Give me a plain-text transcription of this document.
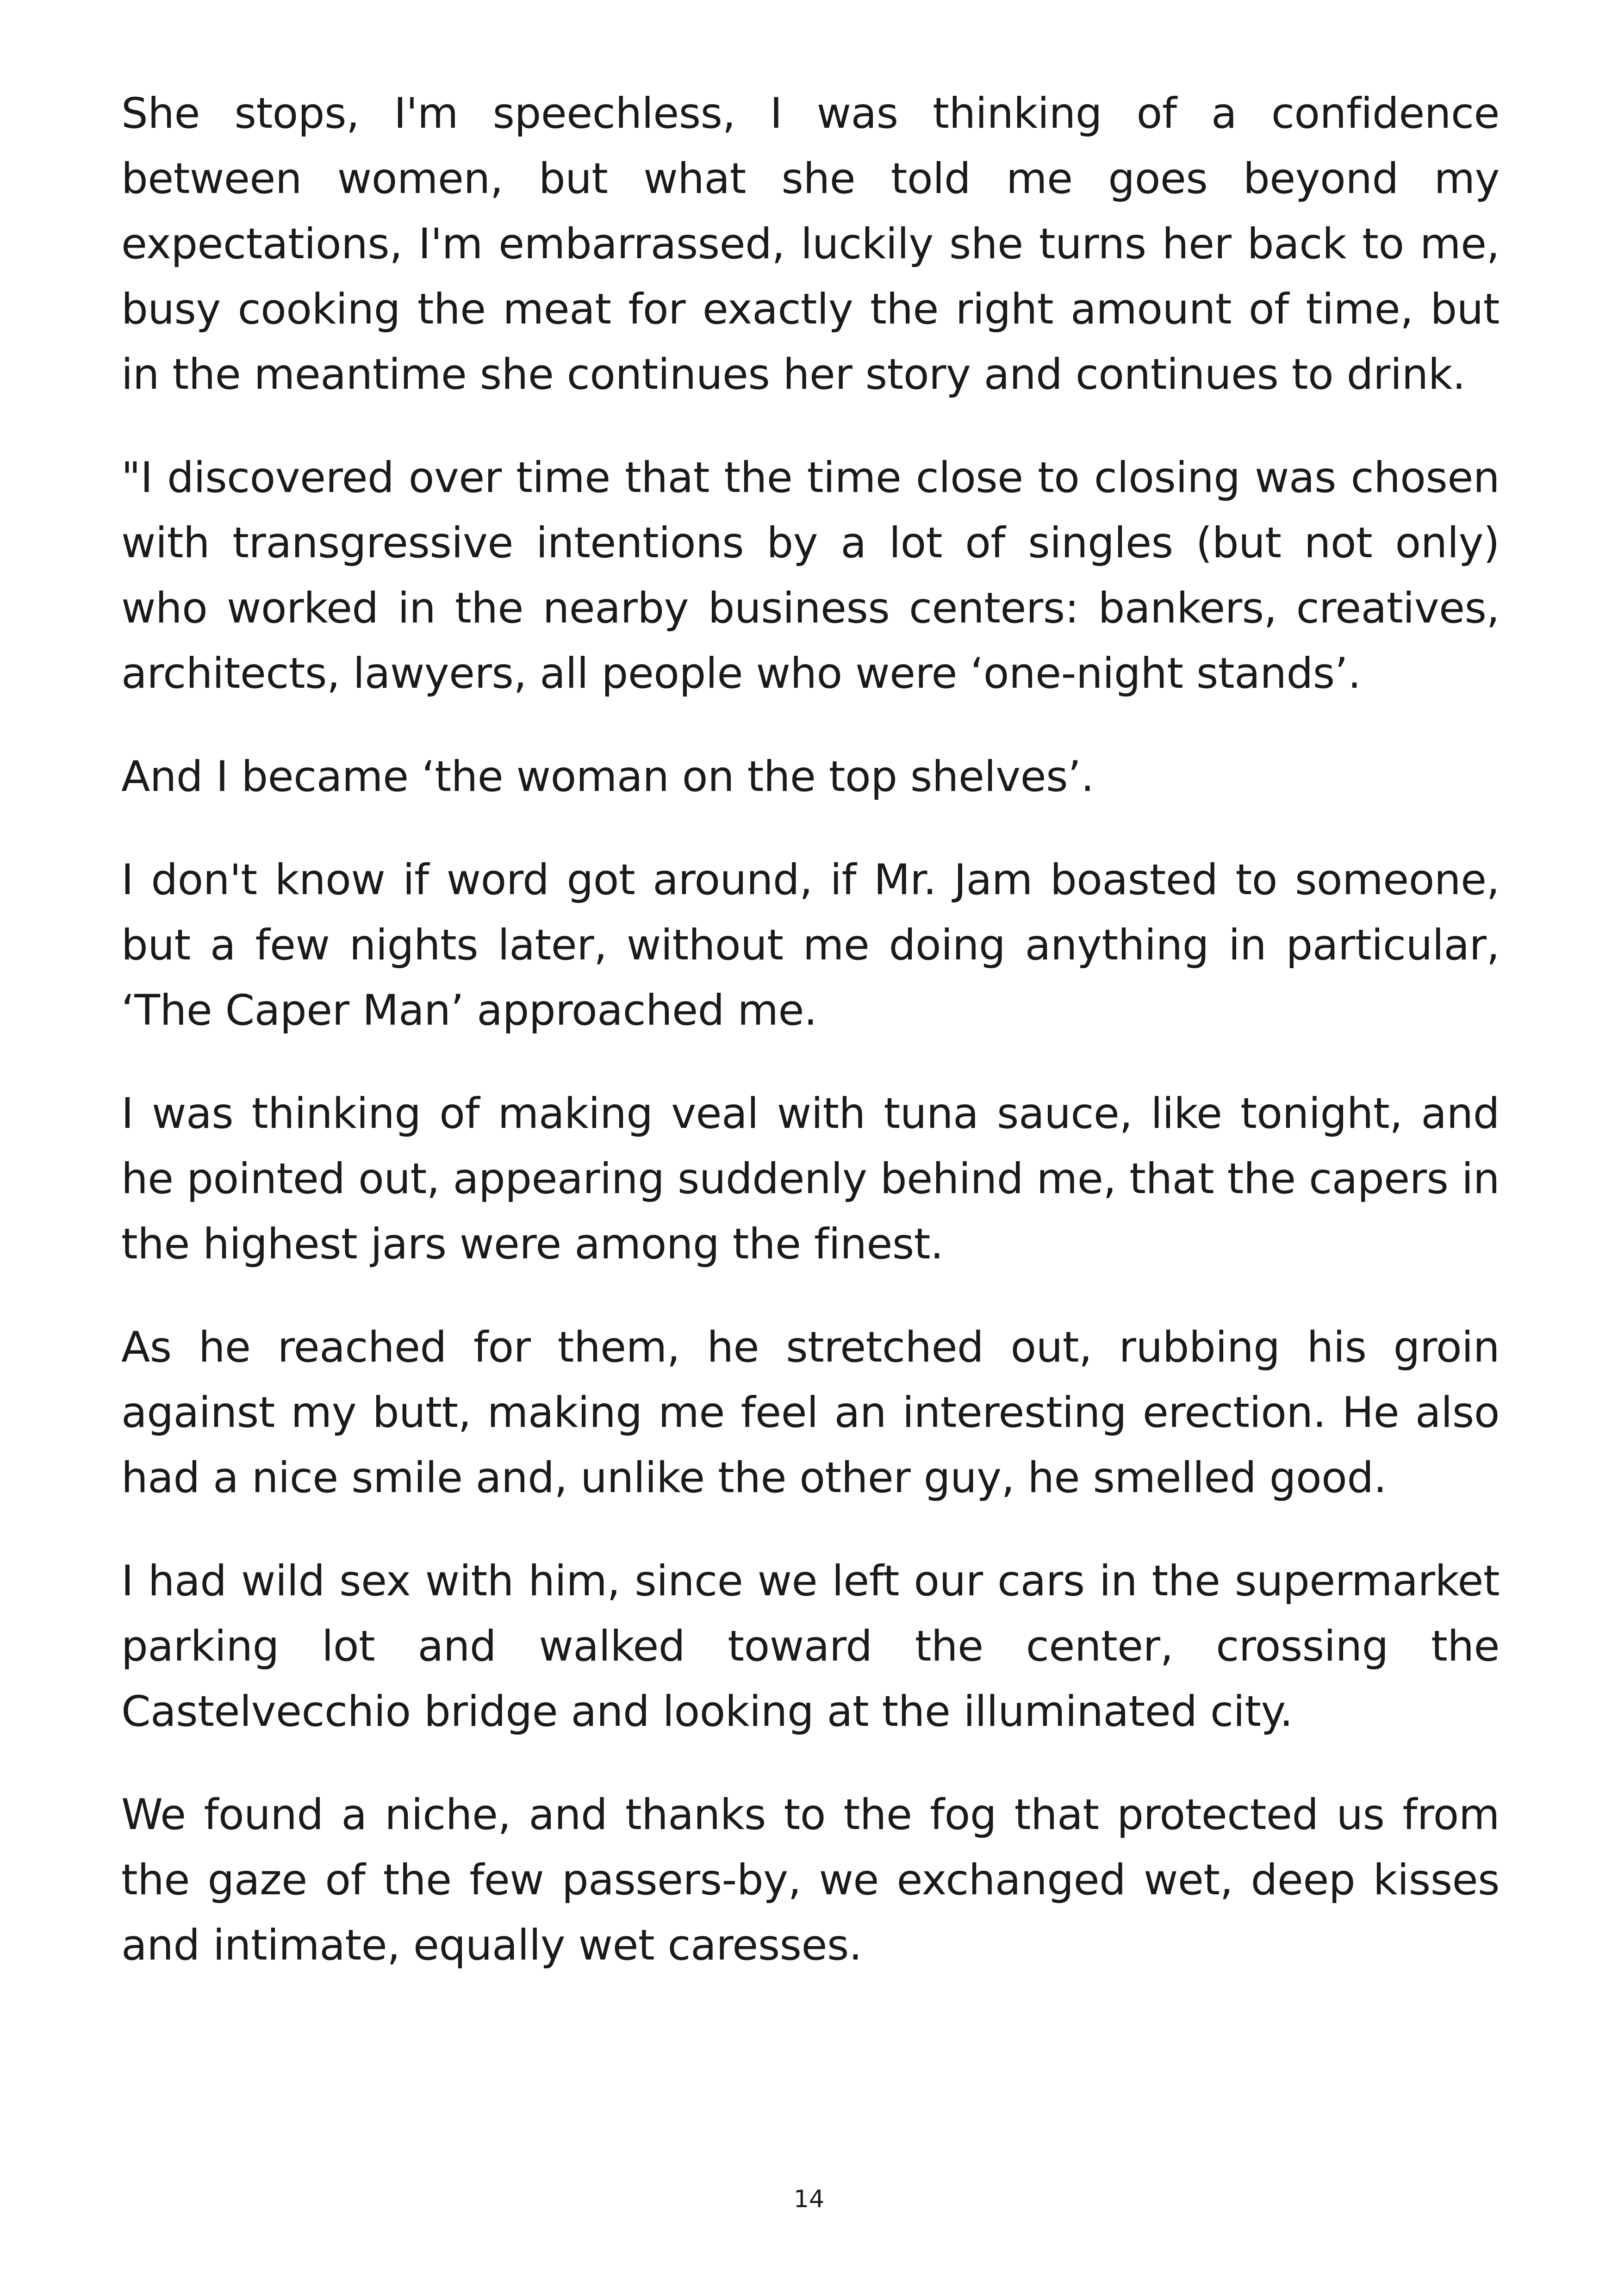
She stops, I'm speechless, I was thinking of a confidence between women, but what she told me goes beyond my expectations, I'm embarrassed, luckily she turns her back to me, busy cooking the meat for exactly the right amount of time, but in the meantime she continues her story and continues to drink.

"I discovered over time that the time close to closing was chosen with transgressive intentions by a lot of singles (but not only) who worked in the nearby business centers: bankers, creatives, architects, lawyers, all people who were ‘one-night stands’.

And I became ‘the woman on the top shelves’.

I don't know if word got around, if Mr. Jam boasted to someone, but a few nights later, without me doing anything in particular, ‘The Caper Man’ approached me.

I was thinking of making veal with tuna sauce, like tonight, and he pointed out, appearing suddenly behind me, that the capers in the highest jars were among the finest.

As he reached for them, he stretched out, rubbing his groin against my butt, making me feel an interesting erection. He also had a nice smile and, unlike the other guy, he smelled good.

I had wild sex with him, since we left our cars in the supermarket parking lot and walked toward the center, crossing the Castelvecchio bridge and looking at the illuminated city.

We found a niche, and thanks to the fog that protected us from the gaze of the few passers-by, we exchanged wet, deep kisses and intimate, equally wet caresses.

14
